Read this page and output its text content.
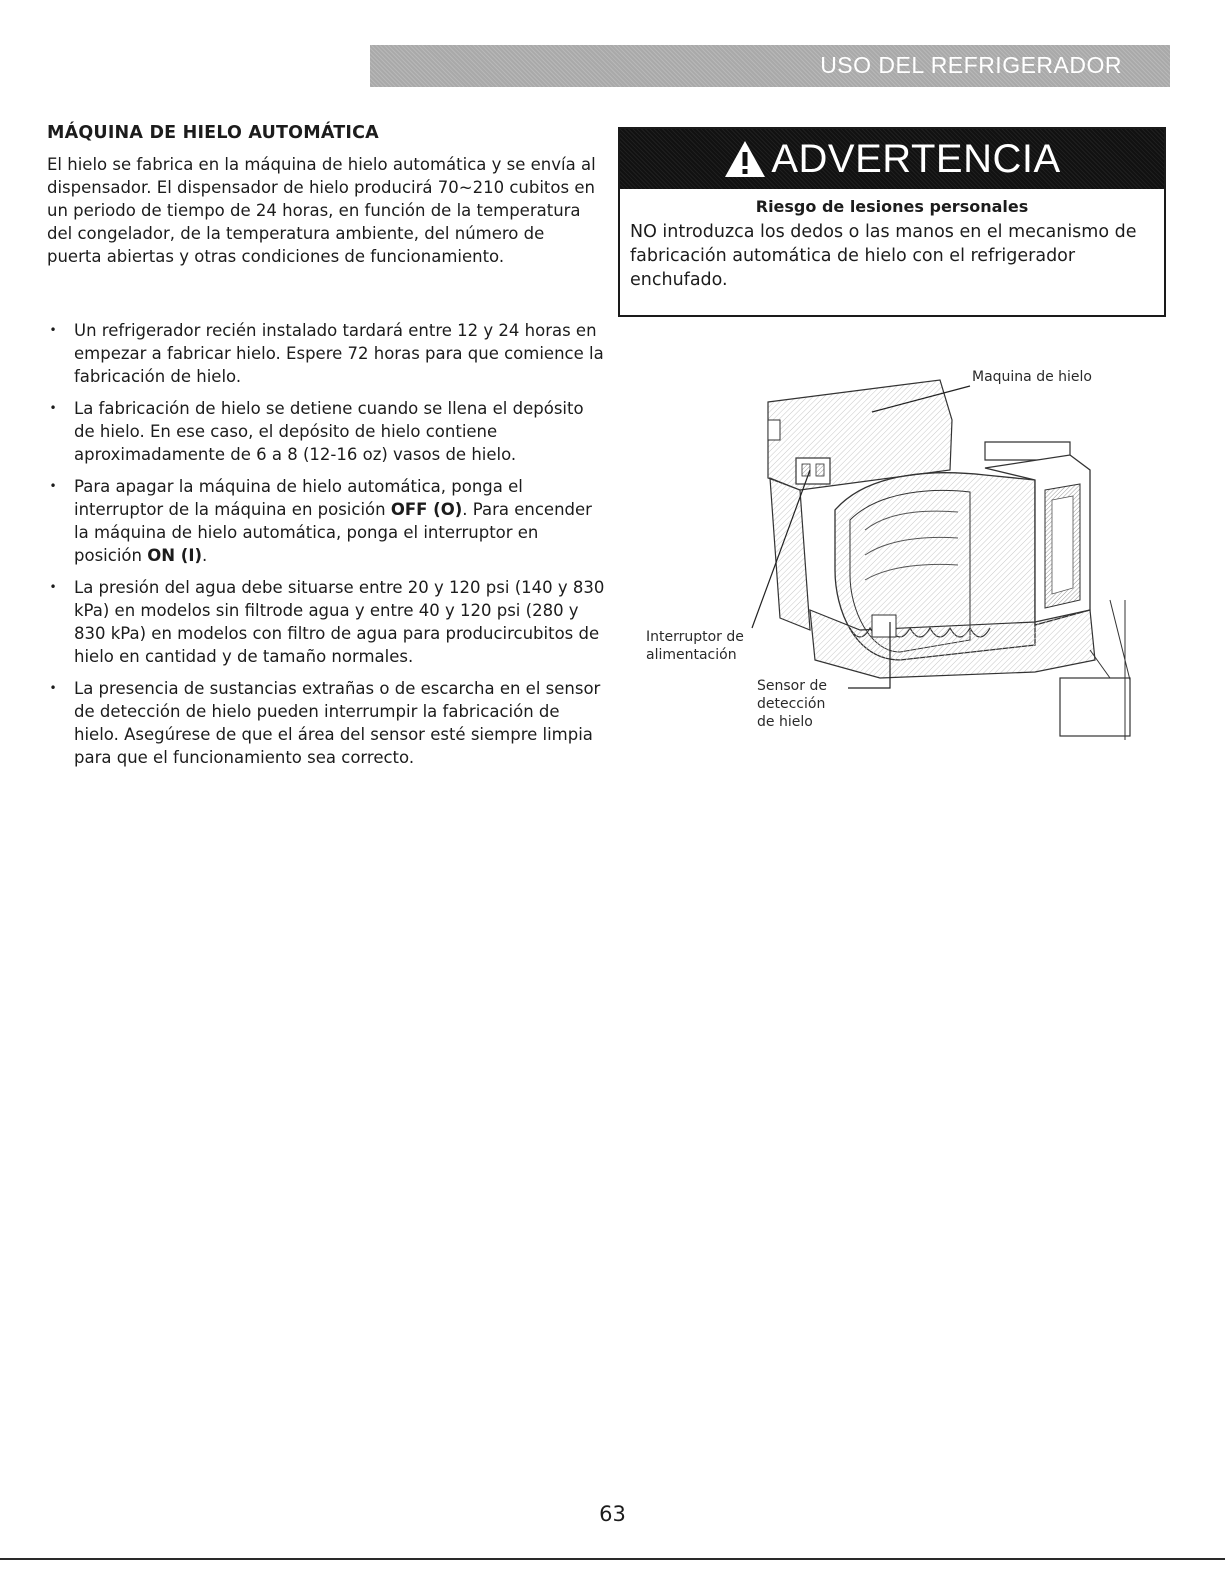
USO DEL REFRIGERADOR
MÁQUINA DE HIELO AUTOMÁTICA

El hielo se fabrica en la máquina de hielo automática y se envía al dispensador. El dispensador de hielo producirá 70~210 cubitos en un periodo de tiempo de 24 horas, en función de la temperatura del congelador, de la temperatura ambiente, del número de puerta abiertas y otras condiciones de funcionamiento.

• Un refrigerador recién instalado tardará entre 12 y 24 horas en empezar a fabricar hielo. Espere 72 horas para que comience la fabricación de hielo.
• La fabricación de hielo se detiene cuando se llena el depósito de hielo. En ese caso, el depósito de hielo contiene aproximadamente de 6 a 8 (12-16 oz) vasos de hielo.
• Para apagar la máquina de hielo automática, ponga el interruptor de la máquina en posición OFF (O). Para encender la máquina de hielo automática, ponga el interruptor en posición ON (I).
• La presión del agua debe situarse entre 20 y 120 psi (140 y 830 kPa) en modelos sin filtrode agua y entre 40 y 120 psi (280 y 830 kPa) en modelos con filtro de agua para producircubitos de hielo en cantidad y de tamaño normales.
• La presencia de sustancias extrañas o de escarcha en el sensor de detección de hielo pueden interrumpir la fabricación de hielo. Asegúrese de que el área del sensor esté siempre limpia para que el funcionamiento sea correcto.
ADVERTENCIA

Riesgo de lesiones personales

NO introduzca los dedos o las manos en el mecanismo de fabricación automática de hielo con el refrigerador enchufado.

Maquina de hielo

Interruptor de
alimentación

Sensor de
detección
de hielo

63
